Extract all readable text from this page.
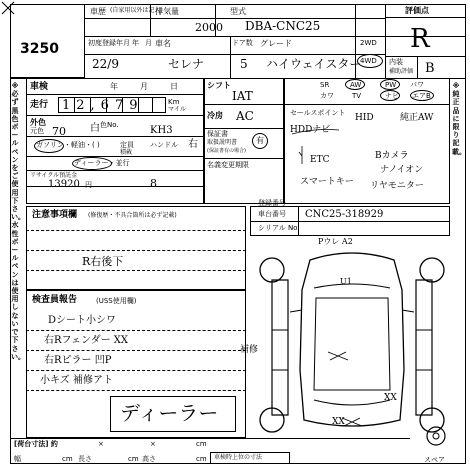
3250
車歴 (自家用以外は記入)
排気量
2000
型式
DBA-CNC25
評価点
R
初度登録年月 年 月
22/9
車名
セレナ
ドア数
5
グレード
ハイウェイスター
2WD
4WD 内装
補助評価 B
※必ず黒色ボールペンをご使用下さい。水性ボールペンは使用しないで下さい。
※純正品に限り記載。
車検	年	月	日
走行 12,679	Km
マイル
外色
元色 70	色No.	KH3
白
ガソリン・軽油・( )	定員
積載
ハンドル 右
ディーラー・並行
リサイクル預託金
13920 円	8
シフト
IAT
冷房 AC
保証書
取扱説明書
(保証書有の場合)
有
名義変更期限
SR	AW	PW パワ
カワ	TV	ナビ エアB
セールスポイント
HDDナビ
HID	純正AW
ETC	Bカメラ
ナノイオン
スマートキー リヤモニター
登録番号
車台番号
シリアル No.
CNC25-318929
注意事項欄 (修復歴・不具合箇所は必ず記載)
R右後下
検査員報告	(USS使用欄)
Dシート小シワ
右Rフェンダー XX
右Rピラー 凹P
小キズ 補修アト
ディーラー
Pウレ A2
U1
補修
XX
XX
[荷台寸法] 約	×	×	cm
幅	cm 長さ	cm 高さ	cm 車検時上位の寸法	スペア
